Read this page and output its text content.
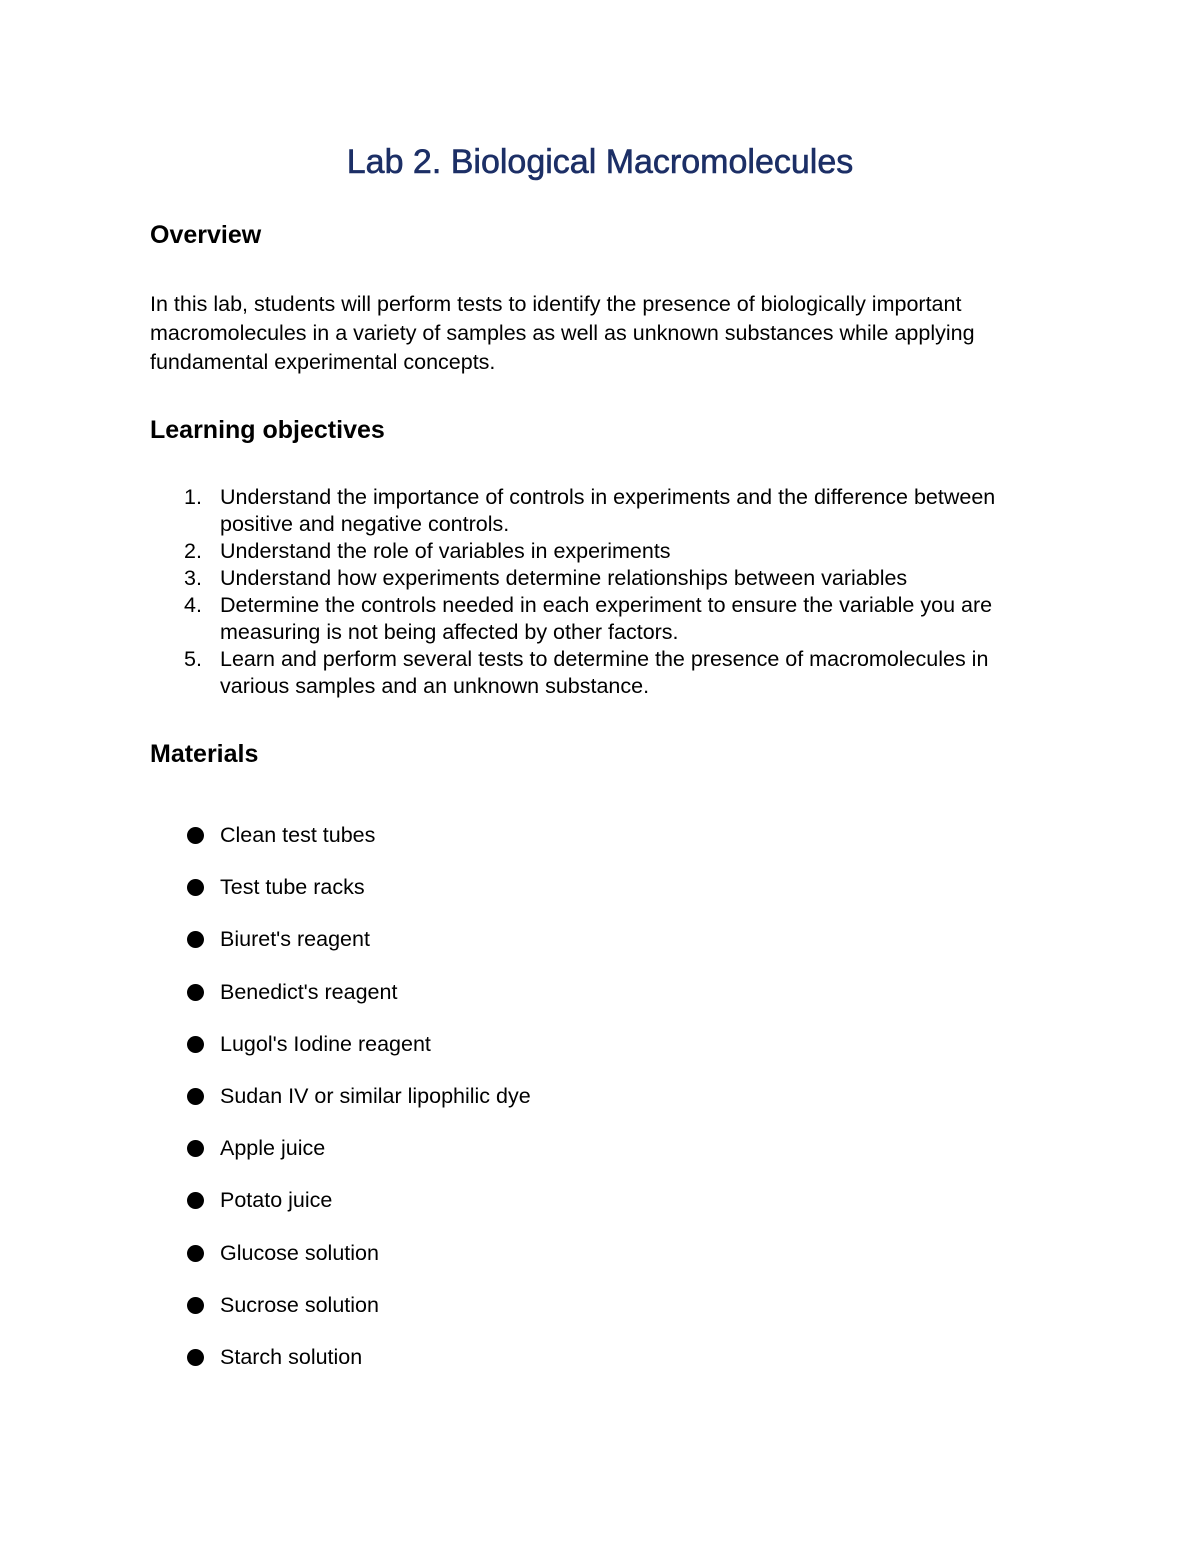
Lab 2. Biological Macromolecules
Overview

In this lab, students will perform tests to identify the presence of biologically important macromolecules in a variety of samples as well as unknown substances while applying fundamental experimental concepts.

Learning objectives
1. Understand the importance of controls in experiments and the difference between positive and negative controls.
2. Understand the role of variables in experiments
3. Understand how experiments determine relationships between variables
4. Determine the controls needed in each experiment to ensure the variable you are measuring is not being affected by other factors.
5. Learn and perform several tests to determine the presence of macromolecules in various samples and an unknown substance.
Materials
Clean test tubes
Test tube racks
Biuret's reagent
Benedict's reagent
Lugol's Iodine reagent
Sudan IV or similar lipophilic dye
Apple juice
Potato juice
Glucose solution
Sucrose solution
Starch solution
